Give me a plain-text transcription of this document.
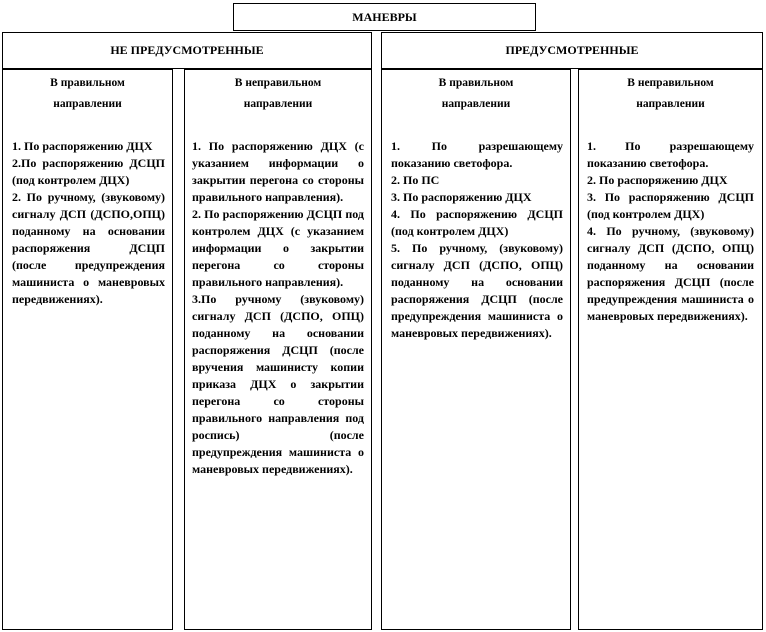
МАНЕВРЫ
НЕ ПРЕДУСМОТРЕННЫЕ	ПРЕДУСМОТРЕННЫЕ
В правильном
направлении

1. По распоряжению ДЦХ

2.По распоряжению ДСЦП (под контролем ДЦХ)

2. По ручному, (звуковому) сигналу ДСП (ДСПО,ОПЦ) поданному на основании распоряжения ДСЦП (после предупреждения машиниста о маневровых передвижениях).

В неправильном
направлении

1. По распоряжению ДЦХ (с указанием информации о закрытии перегона со стороны правильного направления).

2. По распоряжению ДСЦП под контролем ДЦХ (с указанием информации о закрытии перегона со стороны правильного направления).

3.По ручному (звуковому) сигналу ДСП (ДСПО, ОПЦ) поданному на основании распоряжения ДСЦП (после вручения машинисту копии приказа ДЦХ о закрытии перегона со стороны правильного направления под роспись) (после предупреждения машиниста о маневровых передвижениях).

В правильном
направлении

1. По разрешающему показанию светофора.

2. По ПС

3. По распоряжению ДЦХ

4. По распоряжению ДСЦП (под контролем ДЦХ)

5. По ручному, (звуковому) сигналу ДСП (ДСПО, ОПЦ) поданному на основании распоряжения ДСЦП (после предупреждения машиниста о маневровых передвижениях).

В неправильном
направлении

1. По разрешающему показанию светофора.

2. По распоряжению ДЦХ

3. По распоряжению ДСЦП (под контролем ДЦХ)

4. По ручному, (звуковому) сигналу ДСП (ДСПО, ОПЦ) поданному на основании распоряжения ДСЦП (после предупреждения машиниста о маневровых передвижениях).
